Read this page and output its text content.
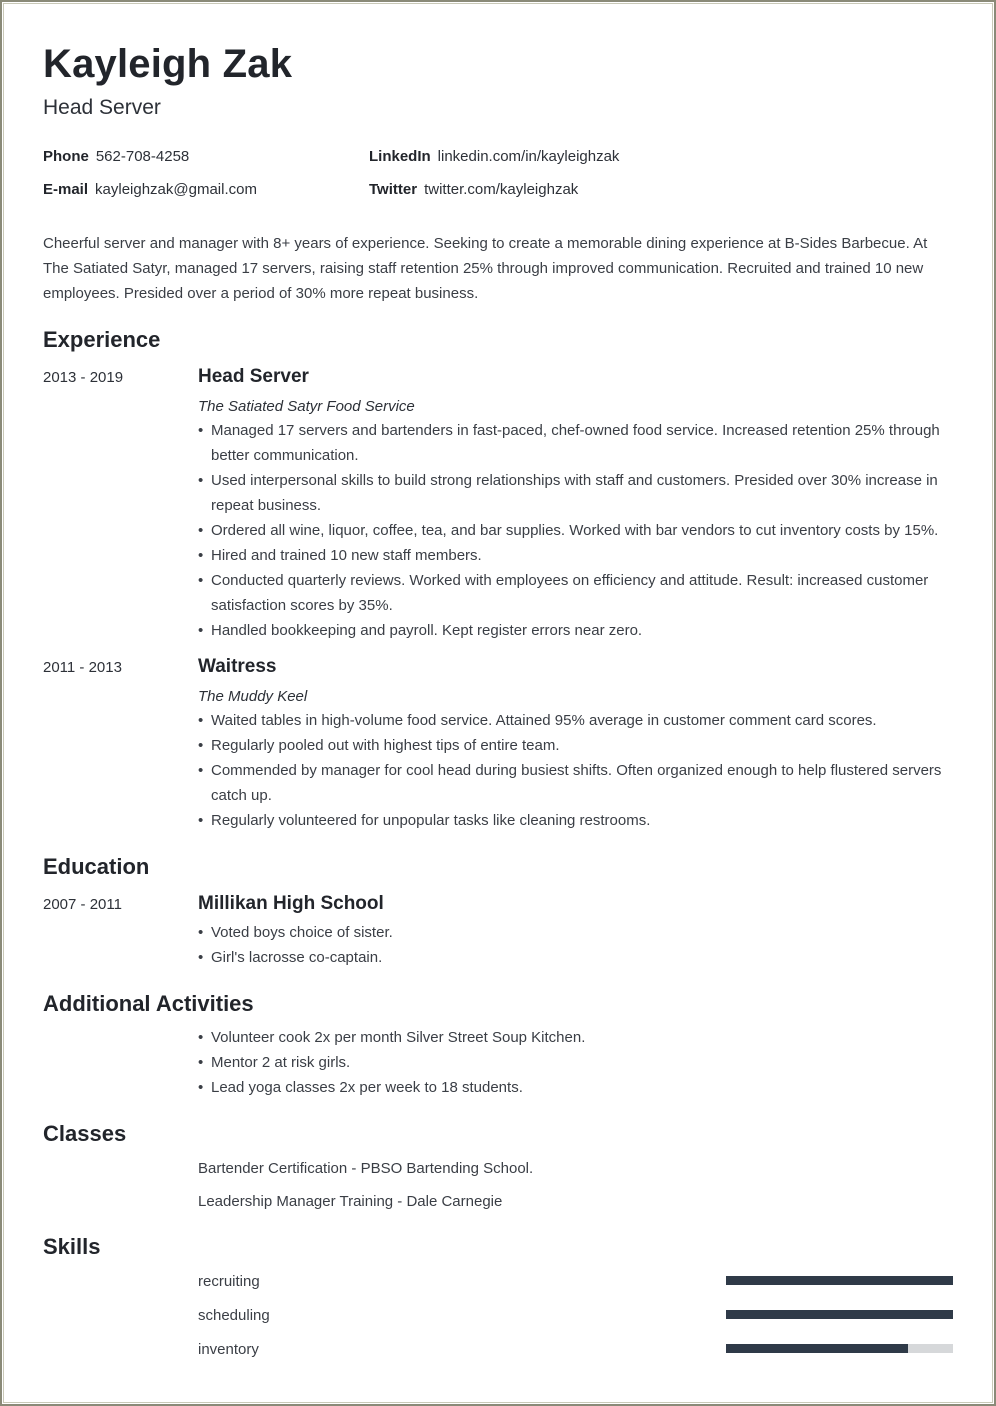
Kayleigh Zak
Head Server
Phone 562-708-4258
E-mail kayleighzak@gmail.com
LinkedIn linkedin.com/in/kayleighzak
Twitter twitter.com/kayleighzak
Cheerful server and manager with 8+ years of experience. Seeking to create a memorable dining experience at B-Sides Barbecue. At The Satiated Satyr, managed 17 servers, raising staff retention 25% through improved communication. Recruited and trained 10 new employees. Presided over a period of 30% more repeat business.
Experience
2013 - 2019	Head Server
The Satiated Satyr Food Service
• Managed 17 servers and bartenders in fast-paced, chef-owned food service. Increased retention 25% through better communication.
• Used interpersonal skills to build strong relationships with staff and customers. Presided over 30% increase in repeat business.
• Ordered all wine, liquor, coffee, tea, and bar supplies. Worked with bar vendors to cut inventory costs by 15%.
• Hired and trained 10 new staff members.
• Conducted quarterly reviews. Worked with employees on efficiency and attitude. Result: increased customer satisfaction scores by 35%.
• Handled bookkeeping and payroll. Kept register errors near zero.
2011 - 2013	Waitress
The Muddy Keel
• Waited tables in high-volume food service. Attained 95% average in customer comment card scores.
• Regularly pooled out with highest tips of entire team.
• Commended by manager for cool head during busiest shifts. Often organized enough to help flustered servers catch up.
• Regularly volunteered for unpopular tasks like cleaning restrooms.
Education
2007 - 2011	Millikan High School
• Voted boys choice of sister.
• Girl's lacrosse co-captain.
Additional Activities
• Volunteer cook 2x per month Silver Street Soup Kitchen.
• Mentor 2 at risk girls.
• Lead yoga classes 2x per week to 18 students.
Classes
Bartender Certification - PBSO Bartending School.
Leadership Manager Training - Dale Carnegie
Skills
recruiting
scheduling
inventory
